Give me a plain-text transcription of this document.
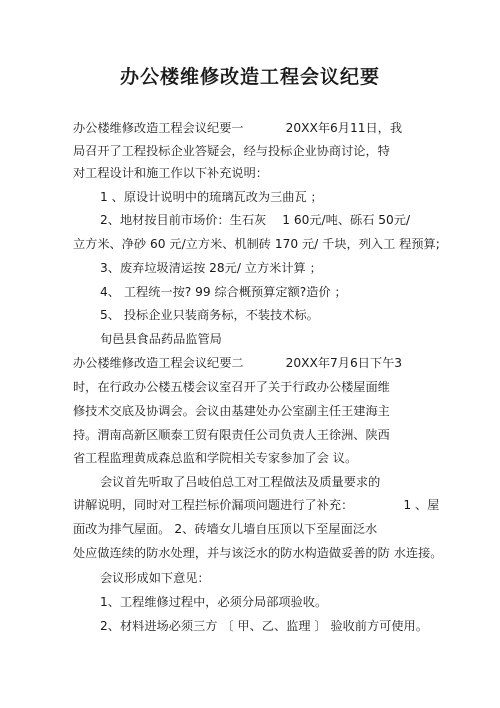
办公楼维修改造工程会议纪要
办公楼维修改造工程会议纪要一	20XX年6月11日，我
局召开了工程投标企业答疑会，经与投标企业协商讨论，特
对工程设计和施工作以下补充说明：
1 、原设计说明中的琉璃瓦改为三曲瓦 ；
2、地材按目前市场价：生石灰 1 60元/吨、砾石 50元/
立方米、净砂 60 元/立方米、机制砖 170 元/ 千块，列入工 程预算;
3、废弃垃圾清运按 28元/ 立方米计算 ；
4、 工程统一按? 99 综合概预算定额?造价 ；
5、 投标企业只装商务标，不装技术标。
旬邑县食品药品监管局
办公楼维修改造工程会议纪要二	20XX年7月6日下午3
时，在行政办公楼五楼会议室召开了关于行政办公楼屋面维
修技术交底及协调会。会议由基建处办公室副主任王建海主
持。渭南高新区顺泰工贸有限责任公司负责人王徐洲、陕西
省工程监理黄成森总监和学院相关专家参加了会 议。
会议首先听取了吕岐伯总工对工程做法及质量要求的
讲解说明，同时对工程拦标价漏项问题进行了补充：	1 、屋
面改为排气屋面。 2、砖墙女儿墙自压顶以下至屋面泛水
处应做连续的防水处理，并与该泛水的防水构造做妥善的防 水连接。
会议形成如下意见：
1、工程维修过程中，必须分局部项验收。
2、材料进场必须三方 〔 甲、乙、监理 〕 验收前方可使用。
